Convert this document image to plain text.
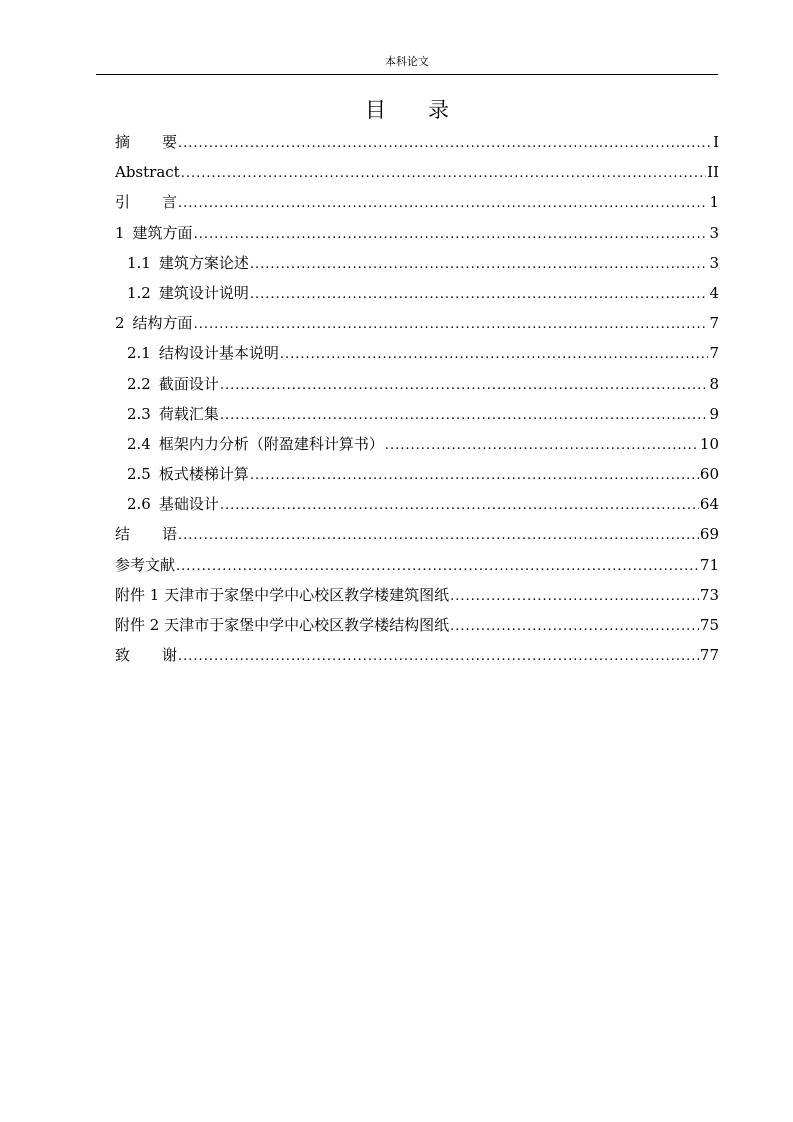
本科论文
目 录
摘 要 .....	I
Abstract .....	II
引 言 .....	1
1 建筑方面 .....	3
1.1 建筑方案论述 .....	3
1.2 建筑设计说明 .....	4
2 结构方面 .....	7
2.1 结构设计基本说明 .....	7
2.2 截面设计 .....	8
2.3 荷载汇集 .....	9
2.4 框架内力分析（附盈建科计算书） .....	10
2.5 板式楼梯计算 .....	60
2.6 基础设计 .....	64
结 语 .....	69
参考文献 .....	71
附件 1 天津市于家堡中学中心校区教学楼建筑图纸 .....	73
附件 2 天津市于家堡中学中心校区教学楼结构图纸 .....	75
致 谢 .....	77
